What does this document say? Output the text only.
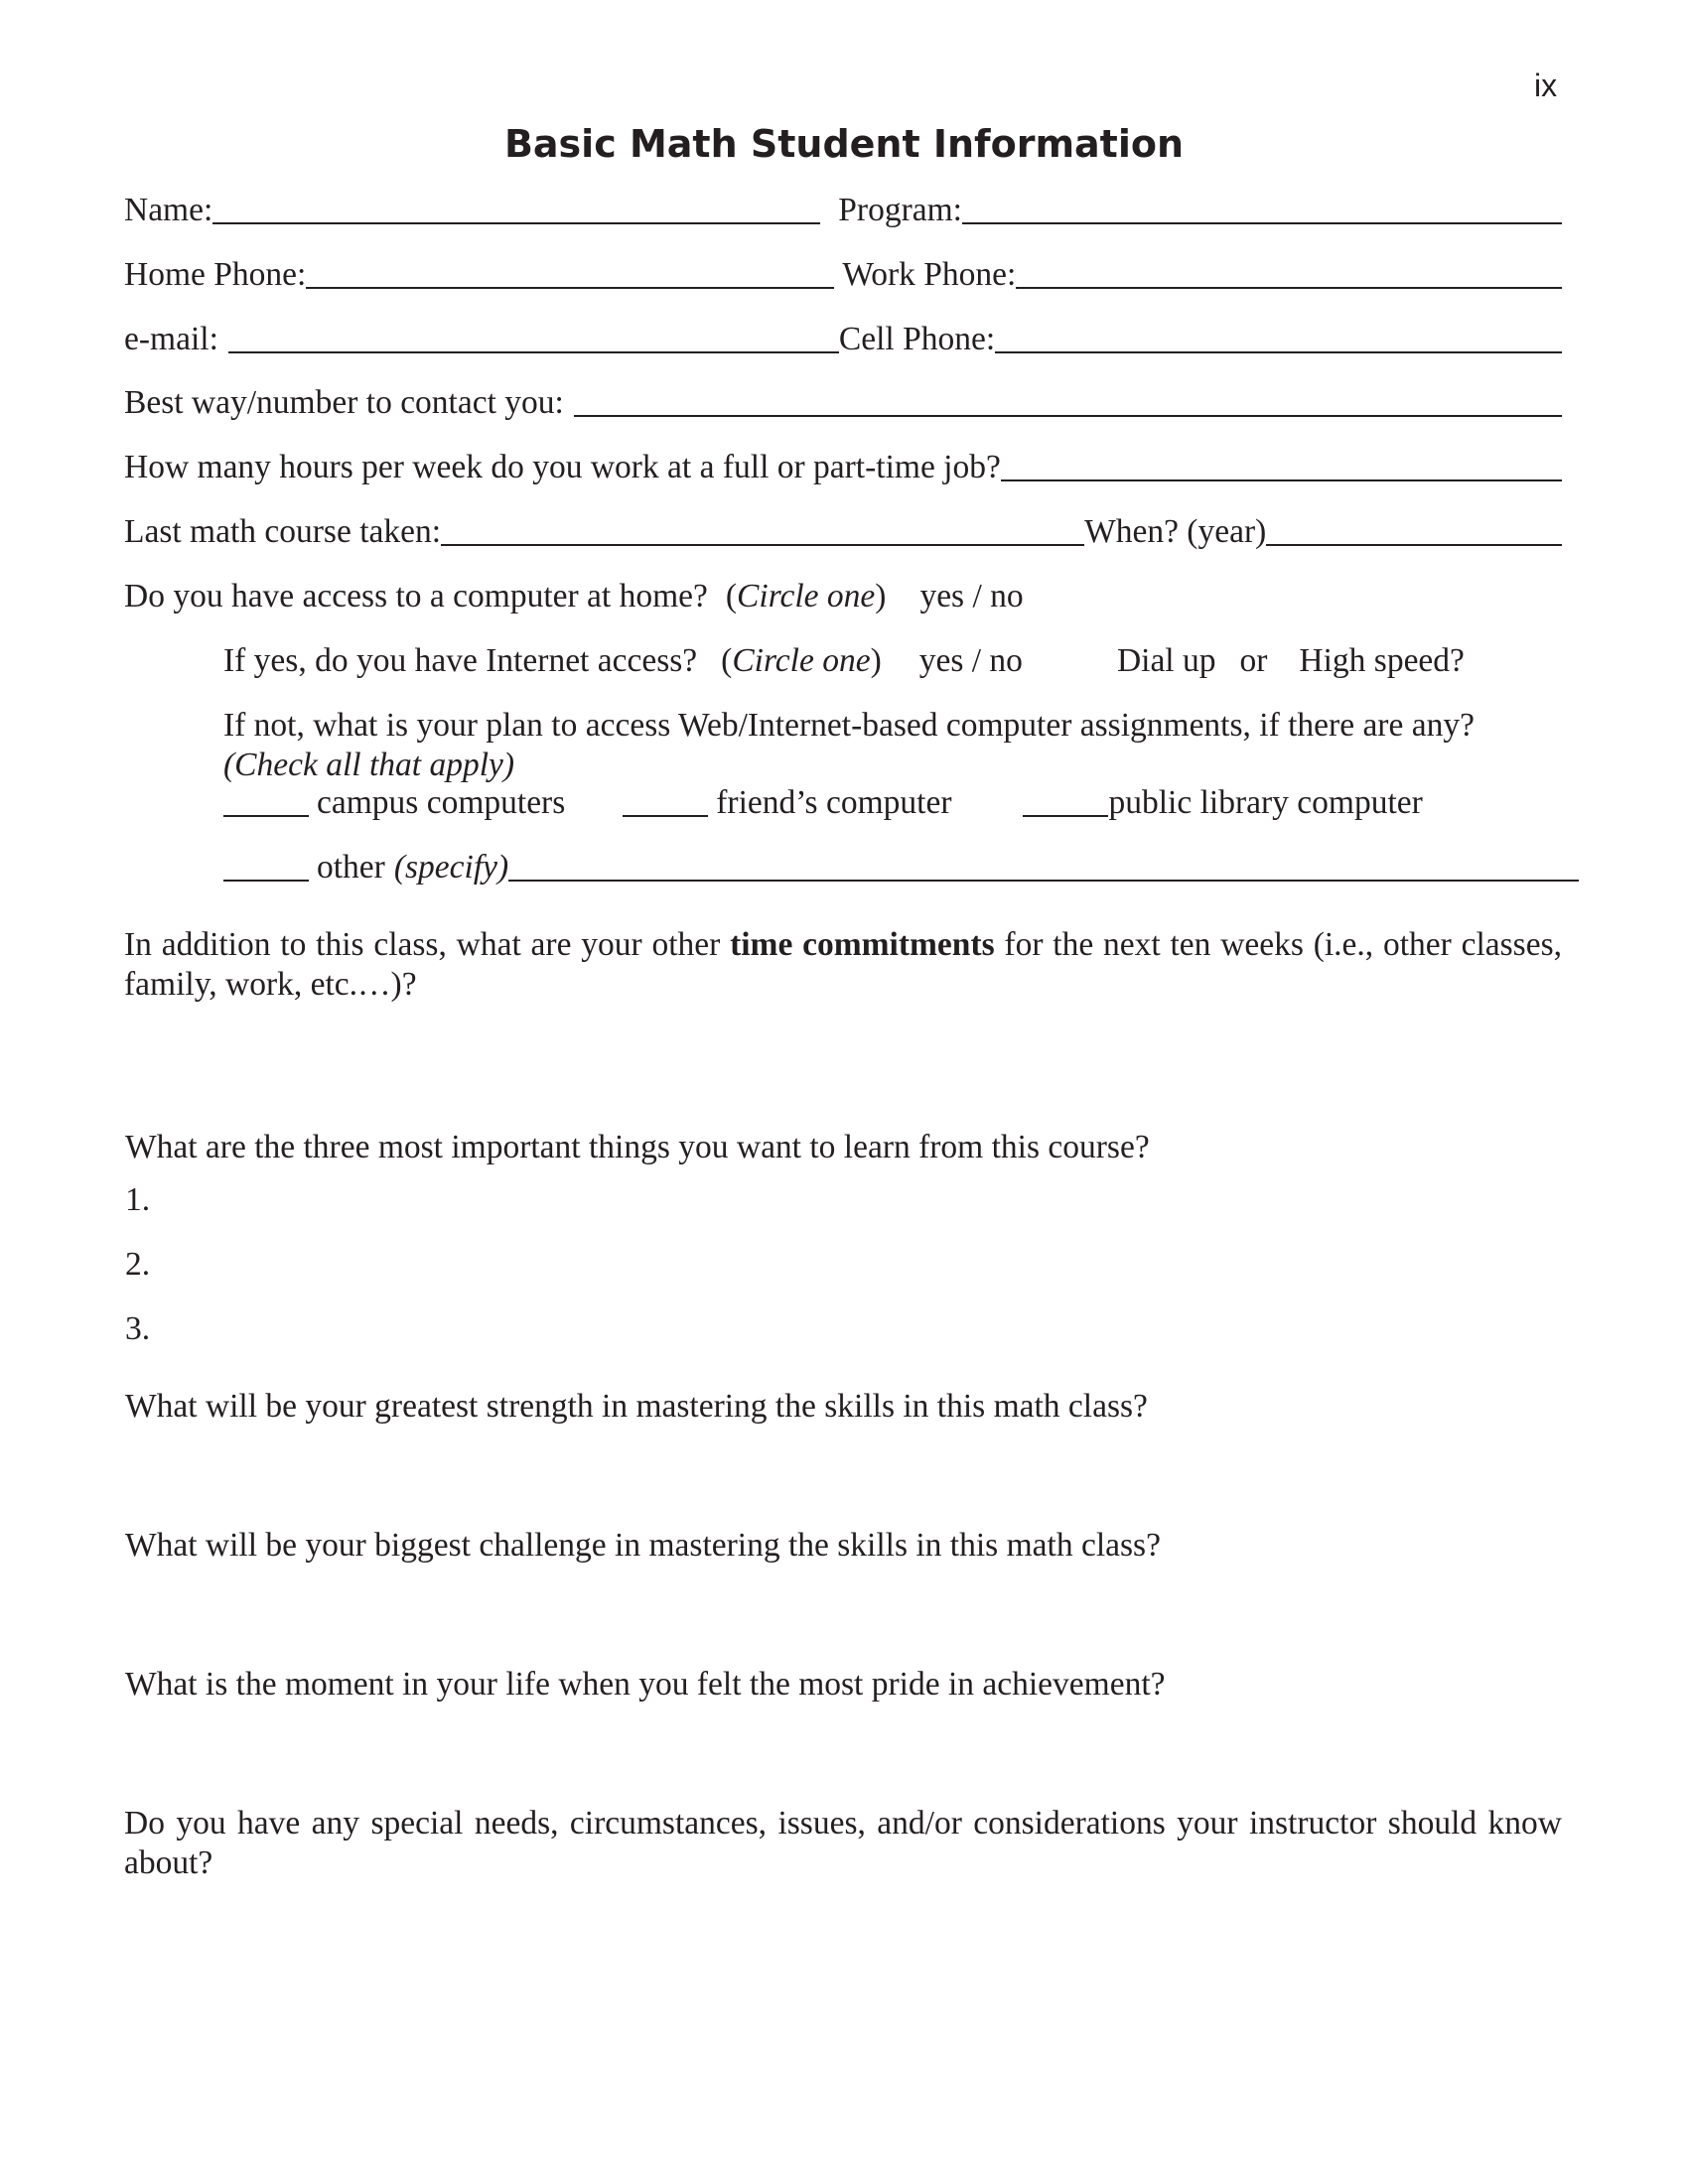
ix
Basic Math Student Information
Name:	Program:
Home Phone:	Work Phone:
e-mail:	Cell Phone:
Best way/number to contact you:
How many hours per week do you work at a full or part-time job?
Last math course taken:	When? (year)
Do you have access to a computer at home? ( Circle one ) yes / no
If yes, do you have Internet access? ( Circle one ) yes / no	Dial up or High speed?
If not, what is your plan to access Web/Internet-based computer assignments, if there are any?
(Check all that apply)
campus computers	friend’s computer	public library computer
other (specify)
In addition to this class, what are your other time commitments for the next ten weeks (i.e., other classes, family, work, etc.…)?
What are the three most important things you want to learn from this course?
1.
2.
3.
What will be your greatest strength in mastering the skills in this math class?
What will be your biggest challenge in mastering the skills in this math class?
What is the moment in your life when you felt the most pride in achievement?
Do you have any special needs, circumstances, issues, and/or considerations your instructor should know about?
